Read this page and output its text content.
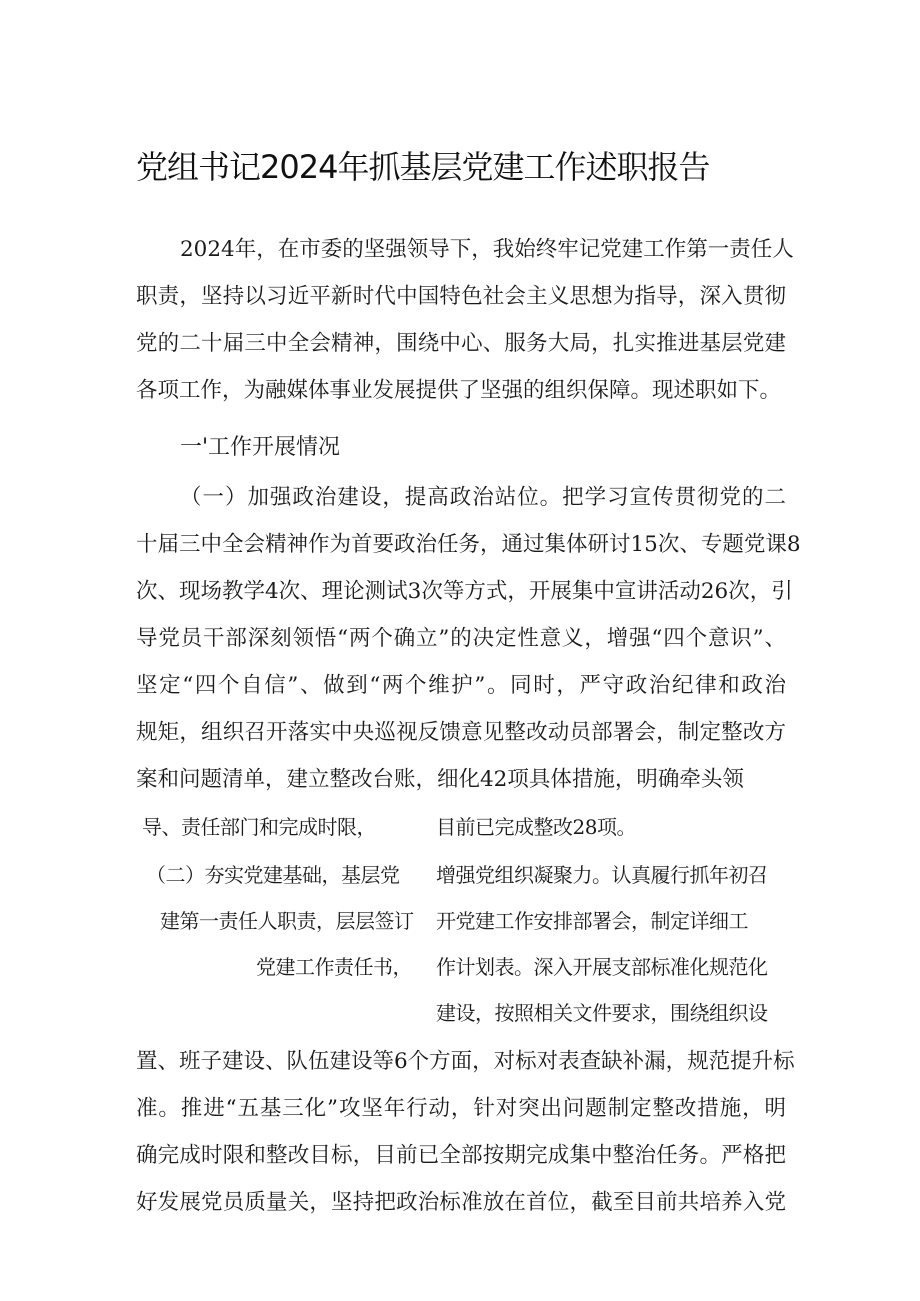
党组书记2024年抓基层党建工作述职报告
2024年，在市委的坚强领导下，我始终牢记党建工作第一责任人
职责，坚持以习近平新时代中国特色社会主义思想为指导，深入贯彻
党的二十届三中全会精神，围绕中心、服务大局，扎实推进基层党建
各项工作，为融媒体事业发展提供了坚强的组织保障。现述职如下。
一'工作开展情况
（一）加强政治建设，提高政治站位。把学习宣传贯彻党的二
十届三中全会精神作为首要政治任务，通过集体研讨15次、专题党课8
次、现场教学4次、理论测试3次等方式，开展集中宣讲活动26次，引
导党员干部深刻领悟“两个确立”的决定性意义，增强“四个意识”、
坚定“四个自信”、做到“两个维护”。同时，严守政治纪律和政治
规矩，组织召开落实中央巡视反馈意见整改动员部署会，制定整改方
案和问题清单，建立整改台账，细化42项具体措施，明确牵头领
导、责任部门和完成时限，	目前已完成整改28项。
（二）夯实党建基础，基层党 增强党组织凝聚力。认真履行抓年初召
建第一责任人职责，层层签订 开党建工作安排部署会，制定详细工
党建工作责任书， 作计划表。深入开展支部标准化规范化
建设，按照相关文件要求，围绕组织设
置、班子建设、队伍建设等6个方面，对标对表查缺补漏，规范提升标
准。推进“五基三化”攻坚年行动，针对突出问题制定整改措施，明
确完成时限和整改目标，目前已全部按期完成集中整治任务。严格把
好发展党员质量关，坚持把政治标准放在首位，截至目前共培养入党
